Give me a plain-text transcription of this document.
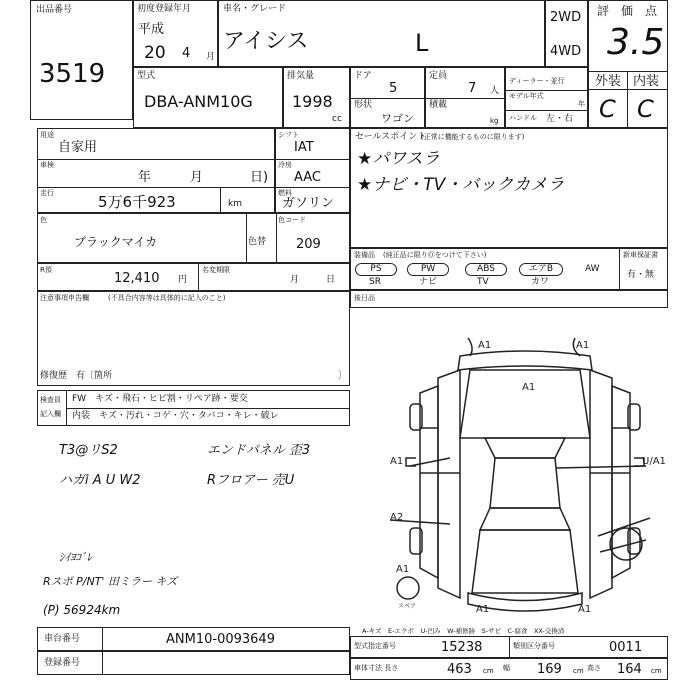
出品番号
3519
初度登録年月
平成
20 4 月
車名・グレード
アイシス	L
2WD
4WD
評　価　点
3.5
外装 内装
C C
型式
DBA-ANM10G
排気量
1998
cc
ドア
5
形状
ワゴン
定員
7 人
積載
kg
ディーラー・並行
モデル年式
年
ハンドル 左・右
用途
自家用
車検
年	月	日)
走行	5万6千923	km
シフト
IAT
冷房
AAC
燃料
ガソリン
色
ブラックマイカ	色替
色コード
209
R預
12,410 円
名変期限
月	日
注意事項申告欄	(不具合内容等は具体的に記入のこと)
修復歴　有〔箇所	〕
セールスポイント
(正常に機能するものに限ります)
★パワスラ
★ナビ・TV・バックカメラ
装備品 (純正品に限りⓄをつけて下さい)
PS	PW	ABS	エアB	AW
SR	ナビ	TV	カワ
新車保証書
有・無
後日品
検査員
記入欄
FW　キズ・飛石・ヒビ割・リペア跡・要交
内装　キズ・汚れ・コゲ・穴・タバコ・キレ・破レ
T3@リS2
ハガi A U W2
エンドパネル 歪3
Rフロアー 売U
ｼｲﾖｺﾞﾚ
Rスポ P/NT' 田ミラー キズ
(P) 56924km
A1	A1
A1
A1	U/A1
A2
A1
A1	A1
スペア
A-キズ　E-エクボ　U-凹み　W-補修跡　S-サビ　C-腐食　XX-交換済
車台番号	ANM10-0093649
登録番号
型式指定番号	15238	類別区分番号	0011
車体寸法 長さ	463 cm 幅 169 cm 高さ 164 cm
